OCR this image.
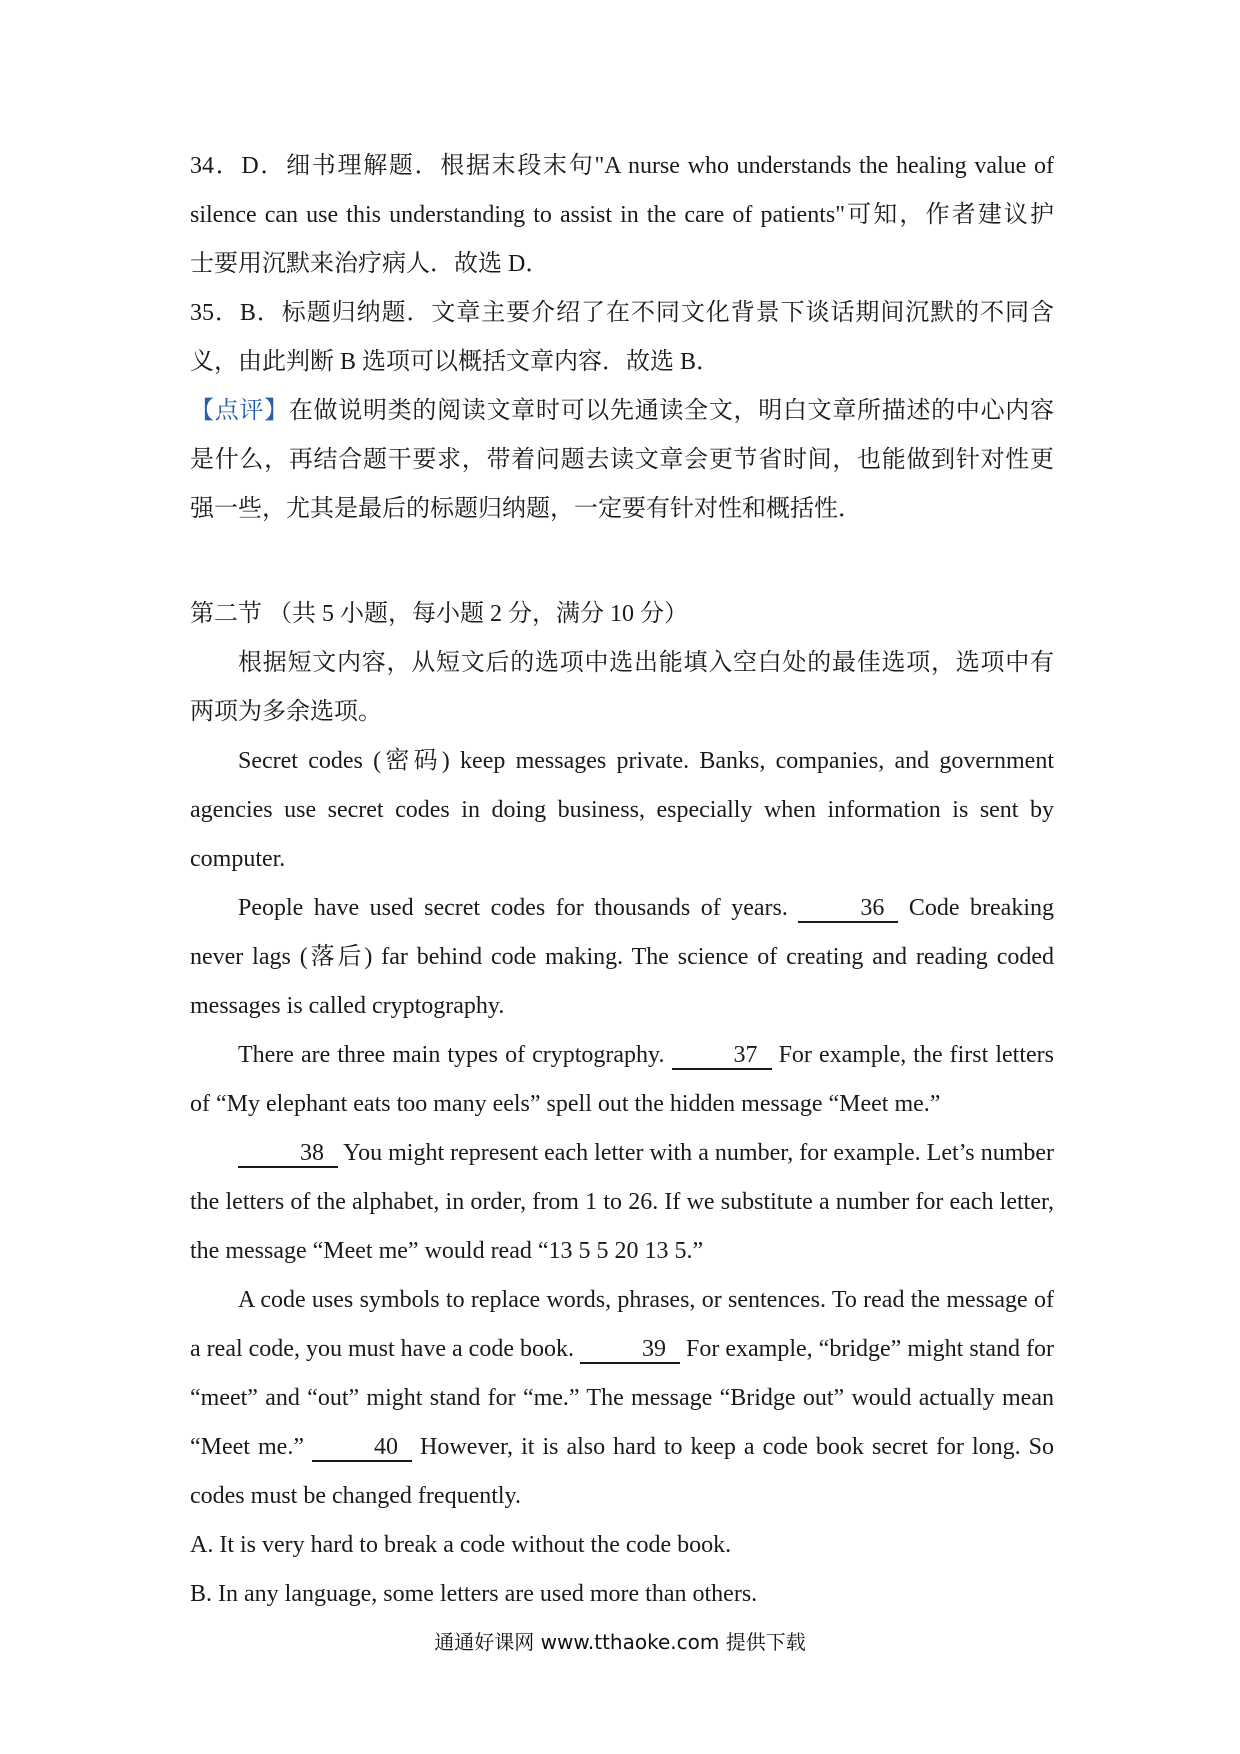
34．D．细书理解题．根据末段末句"A nurse who understands the healing value of
silence can use this understanding to assist in the care of patients"可知，作者建议护
士要用沉默来治疗病人．故选 D．
35．B．标题归纳题．文章主要介绍了在不同文化背景下谈话期间沉默的不同含
义，由此判断 B 选项可以概括文章内容．故选 B．
【点评】在做说明类的阅读文章时可以先通读全文，明白文章所描述的中心内容
是什么，再结合题干要求，带着问题去读文章会更节省时间，也能做到针对性更
强一些，尤其是最后的标题归纳题，一定要有针对性和概括性．
第二节 （共 5 小题，每小题 2 分，满分 10 分）
根据短文内容，从短文后的选项中选出能填入空白处的最佳选项，选项中有
两项为多余选项。
Secret codes (密码) keep messages private. Banks, companies, and government agencies use secret codes in doing business, especially when information is sent by computer.
People have used secret codes for thousands of years.	36 Code breaking never lags (落后) far behind code making. The science of creating and reading coded messages is called cryptography.
There are three main types of cryptography.	37 For example, the first letters of “My elephant eats too many eels” spell out the hidden message “Meet me.”
38 You might represent each letter with a number, for example. Let’s number the letters of the alphabet, in order, from 1 to 26. If we substitute a number for each letter, the message “Meet me” would read “13 5 5 20 13 5.”
A code uses symbols to replace words, phrases, or sentences. To read the message of a real code, you must have a code book.	39 For example, “bridge” might stand for “meet” and “out” might stand for “me.” The message “Bridge out” would actually mean “Meet me.”	40 However, it is also hard to keep a code book secret for long. So codes must be changed frequently.
A. It is very hard to break a code without the code book.
B. In any language, some letters are used more than others.
通通好课网 www.tthaoke.com 提供下载
